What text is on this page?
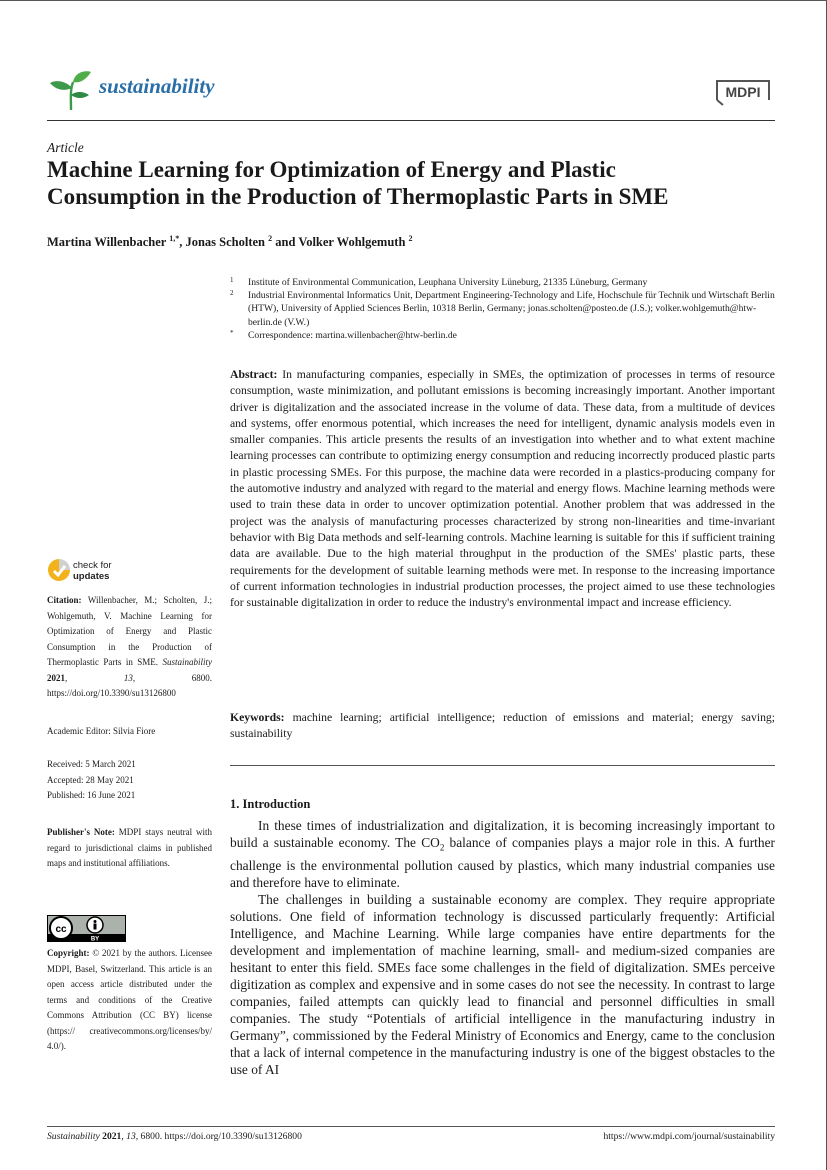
sustainability	MDPI
Article
Machine Learning for Optimization of Energy and Plastic
Consumption in the Production of Thermoplastic Parts in SME
Martina Willenbacher $^{1,*}$, Jonas Scholten $^2$ and Volker Wohlgemuth $^2$
1 Institute of Environmental Communication, Leuphana University Lüneburg, 21335 Lüneburg, Germany
2 Industrial Environmental Informatics Unit, Department Engineering-Technology and Life, Hochschule für Technik und Wirtschaft Berlin (HTW), University of Applied Sciences Berlin, 10318 Berlin, Germany; jonas.scholten@posteo.de (J.S.); volker.wohlgemuth@htw-berlin.de (V.W.)
* Correspondence: martina.willenbacher@htw-berlin.de
Abstract: In manufacturing companies, especially in SMEs, the optimization of processes in terms of resource consumption, waste minimization, and pollutant emissions is becoming increasingly important. Another important driver is digitalization and the associated increase in the volume of data. These data, from a multitude of devices and systems, offer enormous potential, which increases the need for intelligent, dynamic analysis models even in smaller companies. This article presents the results of an investigation into whether and to what extent machine learning processes can contribute to optimizing energy consumption and reducing incorrectly produced plastic parts in plastic processing SMEs. For this purpose, the machine data were recorded in a plastics-producing company for the automotive industry and analyzed with regard to the material and energy flows. Machine learning methods were used to train these data in order to uncover optimization potential. Another problem that was addressed in the project was the analysis of manufacturing processes characterized by strong non-linearities and time-invariant behavior with Big Data methods and self-learning controls. Machine learning is suitable for this if sufficient training data are available. Due to the high material throughput in the production of the SMEs' plastic parts, these requirements for the development of suitable learning methods were met. In response to the increasing importance of current information technologies in industrial production processes, the project aimed to use these technologies for sustainable digitalization in order to reduce the industry's environmental impact and increase efficiency.
Keywords: machine learning; artificial intelligence; reduction of emissions and material; energy saving; sustainability
1. Introduction

In these times of industrialization and digitalization, it is becoming increasingly important to build a sustainable economy. The $CO_2$ balance of companies plays a major role in this. A further challenge is the environmental pollution caused by plastics, which many industrial companies use and therefore have to eliminate.

The challenges in building a sustainable economy are complex. They require appropriate solutions. One field of information technology is discussed particularly frequently: Artificial Intelligence, and Machine Learning. While large companies have entire departments for the development and implementation of machine learning, small- and medium-sized companies are hesitant to enter this field. SMEs face some challenges in the field of digitalization. SMEs perceive digitization as complex and expensive and in some cases do not see the necessity. In contrast to large companies, failed attempts can quickly lead to financial and personnel difficulties in small companies. The study “Potentials of artificial intelligence in the manufacturing industry in Germany”, commissioned by the Federal Ministry of Economics and Energy, came to the conclusion that a lack of internal competence in the manufacturing industry is one of the biggest obstacles to the use of AI

check for
updates
Citation: Willenbacher, M.; Scholten, J.; Wohlgemuth, V. Machine Learning for Optimization of Energy and Plastic Consumption in the Production of Thermoplastic Parts in SME. Sustainability 2021, 13, 6800. https://doi.org/10.3390/su13126800
Academic Editor: Silvia Fiore
Received: 5 March 2021
Accepted: 28 May 2021
Published: 16 June 2021
Publisher's Note: MDPI stays neutral with regard to jurisdictional claims in published maps and institutional affiliations.
cc
BY
Copyright: © 2021 by the authors. Licensee MDPI, Basel, Switzerland. This article is an open access article distributed under the terms and conditions of the Creative Commons Attribution (CC BY) license (https:// creativecommons.org/licenses/by/ 4.0/).
Sustainability 2021, 13, 6800. https://doi.org/10.3390/su13126800	https://www.mdpi.com/journal/sustainability
